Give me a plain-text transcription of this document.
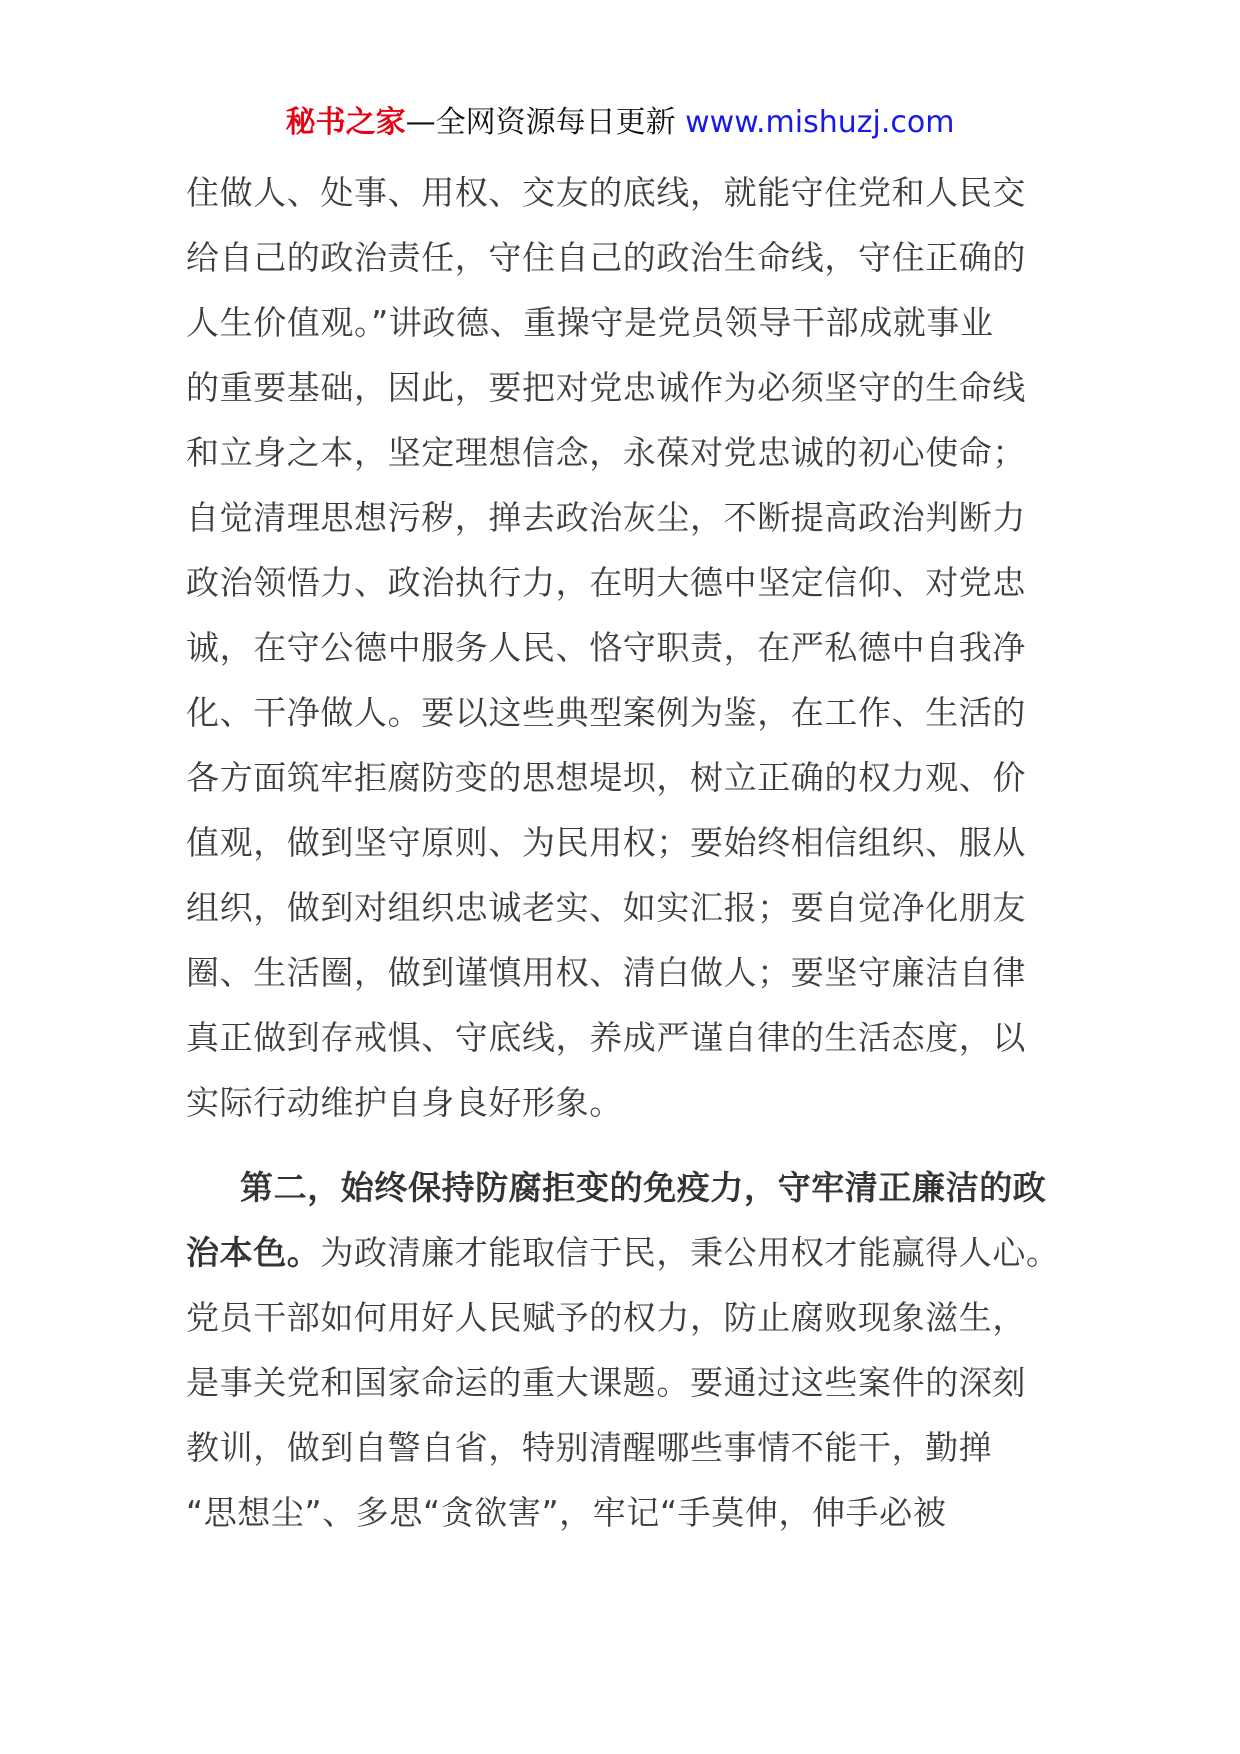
秘书之家—全网资源每日更新 www.mishuzj.com
住做人、处事、用权、交友的底线，就能守住党和人民交
给自己的政治责任，守住自己的政治生命线，守住正确的
人生价值观。”讲政德、重操守是党员领导干部成就事业
的重要基础，因此，要把对党忠诚作为必须坚守的生命线
和立身之本，坚定理想信念，永葆对党忠诚的初心使命；
自觉清理思想污秽，掸去政治灰尘，不断提高政治判断力
政治领悟力、政治执行力，在明大德中坚定信仰、对党忠
诚，在守公德中服务人民、恪守职责，在严私德中自我净
化、干净做人。要以这些典型案例为鉴，在工作、生活的
各方面筑牢拒腐防变的思想堤坝，树立正确的权力观、价
值观，做到坚守原则、为民用权；要始终相信组织、服从
组织，做到对组织忠诚老实、如实汇报；要自觉净化朋友
圈、生活圈，做到谨慎用权、清白做人；要坚守廉洁自律
真正做到存戒惧、守底线，养成严谨自律的生活态度，以
实际行动维护自身良好形象。
第二，始终保持防腐拒变的免疫力，守牢清正廉洁的政
治本色。为政清廉才能取信于民，秉公用权才能赢得人心。
党员干部如何用好人民赋予的权力，防止腐败现象滋生，
是事关党和国家命运的重大课题。要通过这些案件的深刻
教训，做到自警自省，特别清醒哪些事情不能干，勤掸
“思想尘”、多思“贪欲害”，牢记“手莫伸，伸手必被
